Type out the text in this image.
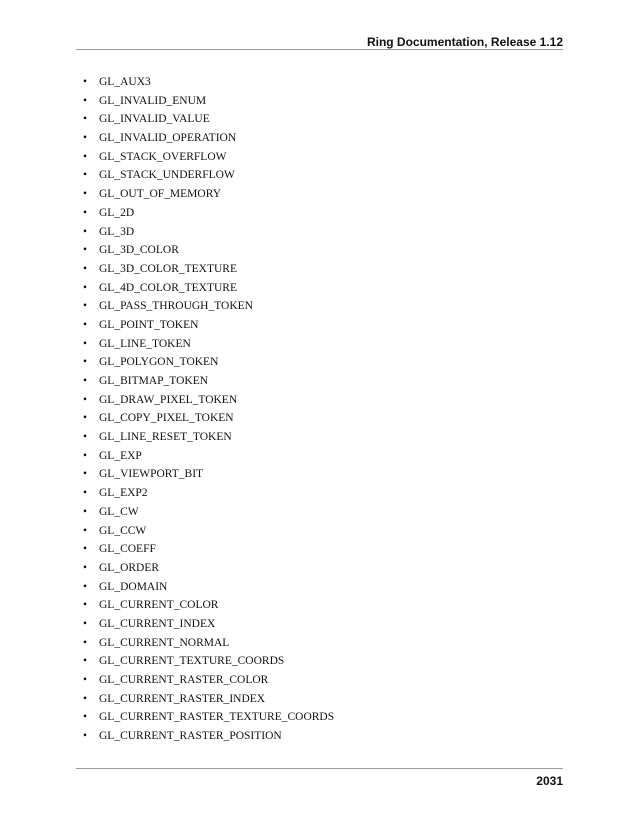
Ring Documentation, Release 1.12
• GL_AUX3
• GL_INVALID_ENUM
• GL_INVALID_VALUE
• GL_INVALID_OPERATION
• GL_STACK_OVERFLOW
• GL_STACK_UNDERFLOW
• GL_OUT_OF_MEMORY
• GL_2D
• GL_3D
• GL_3D_COLOR
• GL_3D_COLOR_TEXTURE
• GL_4D_COLOR_TEXTURE
• GL_PASS_THROUGH_TOKEN
• GL_POINT_TOKEN
• GL_LINE_TOKEN
• GL_POLYGON_TOKEN
• GL_BITMAP_TOKEN
• GL_DRAW_PIXEL_TOKEN
• GL_COPY_PIXEL_TOKEN
• GL_LINE_RESET_TOKEN
• GL_EXP
• GL_VIEWPORT_BIT
• GL_EXP2
• GL_CW
• GL_CCW
• GL_COEFF
• GL_ORDER
• GL_DOMAIN
• GL_CURRENT_COLOR
• GL_CURRENT_INDEX
• GL_CURRENT_NORMAL
• GL_CURRENT_TEXTURE_COORDS
• GL_CURRENT_RASTER_COLOR
• GL_CURRENT_RASTER_INDEX
• GL_CURRENT_RASTER_TEXTURE_COORDS
• GL_CURRENT_RASTER_POSITION
2031
